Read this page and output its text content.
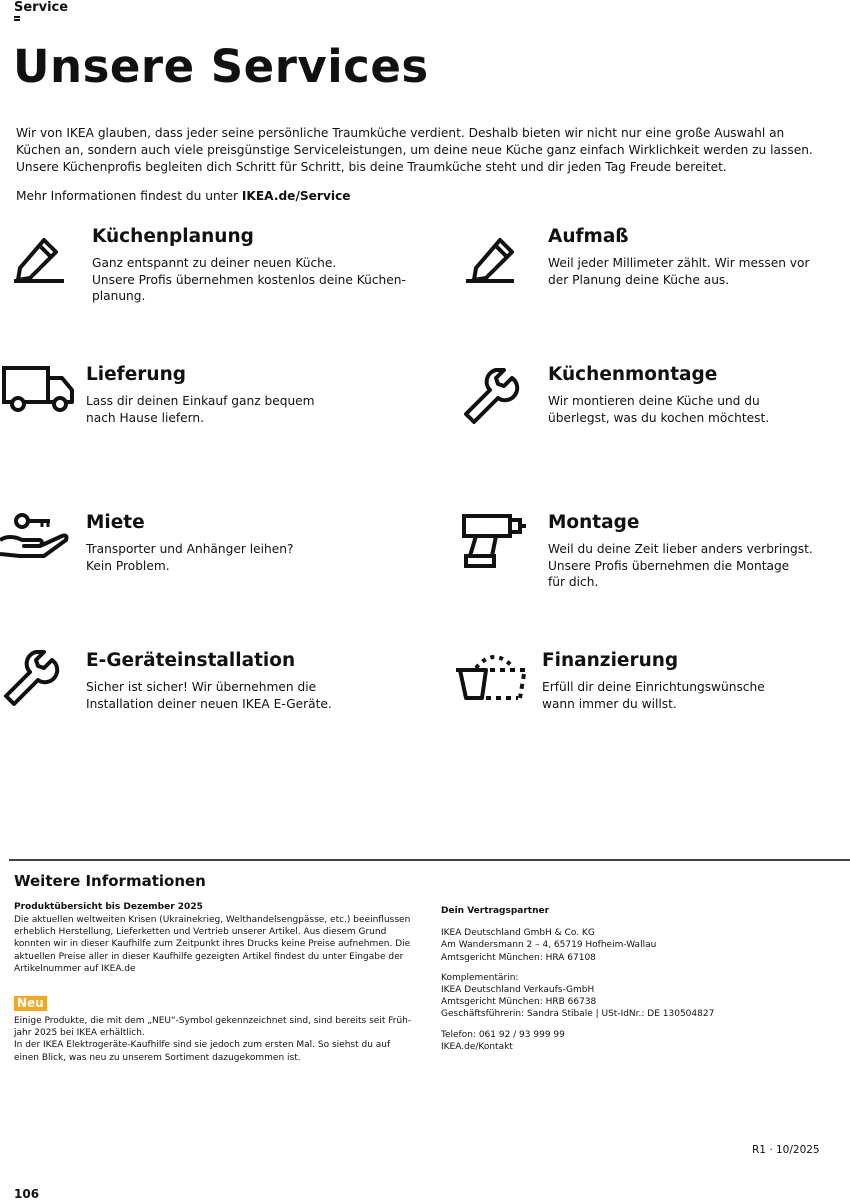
Service
Unsere Services
Wir von IKEA glauben, dass jeder seine persönliche Traumküche verdient. Deshalb bieten wir nicht nur eine große Auswahl an
Küchen an, sondern auch viele preisgünstige Serviceleistungen, um deine neue Küche ganz einfach Wirklichkeit werden zu lassen.
Unsere Küchenprofis begleiten dich Schritt für Schritt, bis deine Traumküche steht und dir jeden Tag Freude bereitet.
Mehr Informationen findest du unter IKEA.de/Service
Küchenplanung

Ganz entspannt zu deiner neuen Küche.
Unsere Profis übernehmen kostenlos deine Küchen-
planung.

Aufmaß

Weil jeder Millimeter zählt. Wir messen vor
der Planung deine Küche aus.

Lieferung

Lass dir deinen Einkauf ganz bequem
nach Hause liefern.

Küchenmontage

Wir montieren deine Küche und du
überlegst, was du kochen möchtest.

Miete

Transporter und Anhänger leihen?
Kein Problem.

Montage

Weil du deine Zeit lieber anders verbringst.
Unsere Profis übernehmen die Montage
für dich.

E-Geräteinstallation

Sicher ist sicher! Wir übernehmen die
Installation deiner neuen IKEA E-Geräte.

Finanzierung

Erfüll dir deine Einrichtungswünsche
wann immer du willst.

Weitere Informationen
Produktübersicht bis Dezember 2025
Die aktuellen weltweiten Krisen (Ukrainekrieg, Welthandelsengpässe, etc.) beeinflussen
erheblich Herstellung, Lieferketten und Vertrieb unserer Artikel. Aus diesem Grund
konnten wir in dieser Kaufhilfe zum Zeitpunkt ihres Drucks keine Preise aufnehmen. Die
aktuellen Preise aller in dieser Kaufhilfe gezeigten Artikel findest du unter Eingabe der
Artikelnummer auf IKEA.de
Neu
Einige Produkte, die mit dem „NEU“-Symbol gekennzeichnet sind, sind bereits seit Früh-
jahr 2025 bei IKEA erhältlich.
In der IKEA Elektrogeräte-Kaufhilfe sind sie jedoch zum ersten Mal. So siehst du auf
einen Blick, was neu zu unserem Sortiment dazugekommen ist.
Dein Vertragspartner
IKEA Deutschland GmbH & Co. KG
Am Wandersmann 2 – 4, 65719 Hofheim-Wallau
Amtsgericht München: HRA 67108
Komplementärin:
IKEA Deutschland Verkaufs-GmbH
Amtsgericht München: HRB 66738
Geschäftsführerin: Sandra Stibale | USt-IdNr.: DE 130504827
Telefon: 061 92 / 93 999 99
IKEA.de/Kontakt
R1 · 10/2025
106
